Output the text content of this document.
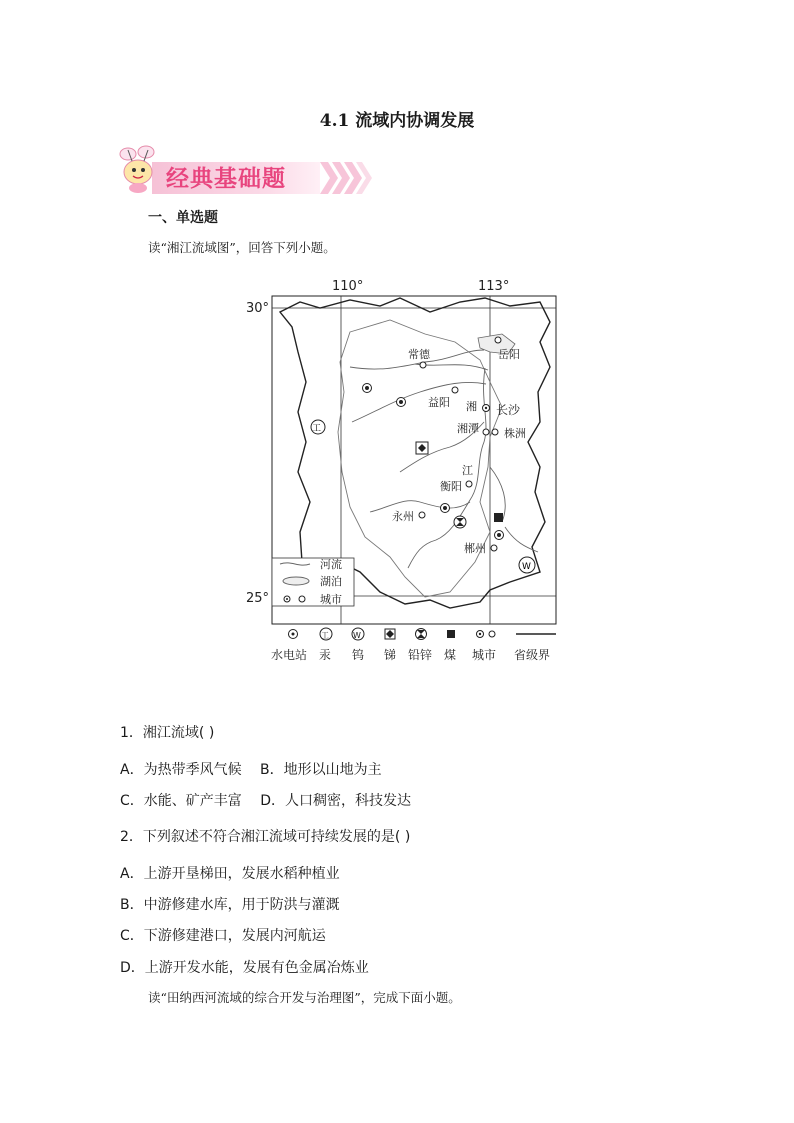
4.1 流域内协调发展
经典基础题
一、单选题
读“湘江流域图”，回答下列小题。
110°	113°
30°
25°
常德	岳阳
益阳
长沙
湘潭 株洲
衡阳
永州
郴州
湘
江
工
W
河流
湖泊
城市
工	W
水电站 汞 钨 锑 铅锌 煤 城市 省级界
1．湘江流域( )
A．为热带季风气候　 B．地形以山地为主
C．水能、矿产丰富　 D．人口稠密，科技发达
2．下列叙述不符合湘江流域可持续发展的是( )
A．上游开垦梯田，发展水稻种植业
B．中游修建水库，用于防洪与灌溉
C．下游修建港口，发展内河航运
D．上游开发水能，发展有色金属冶炼业
读“田纳西河流域的综合开发与治理图”，完成下面小题。
